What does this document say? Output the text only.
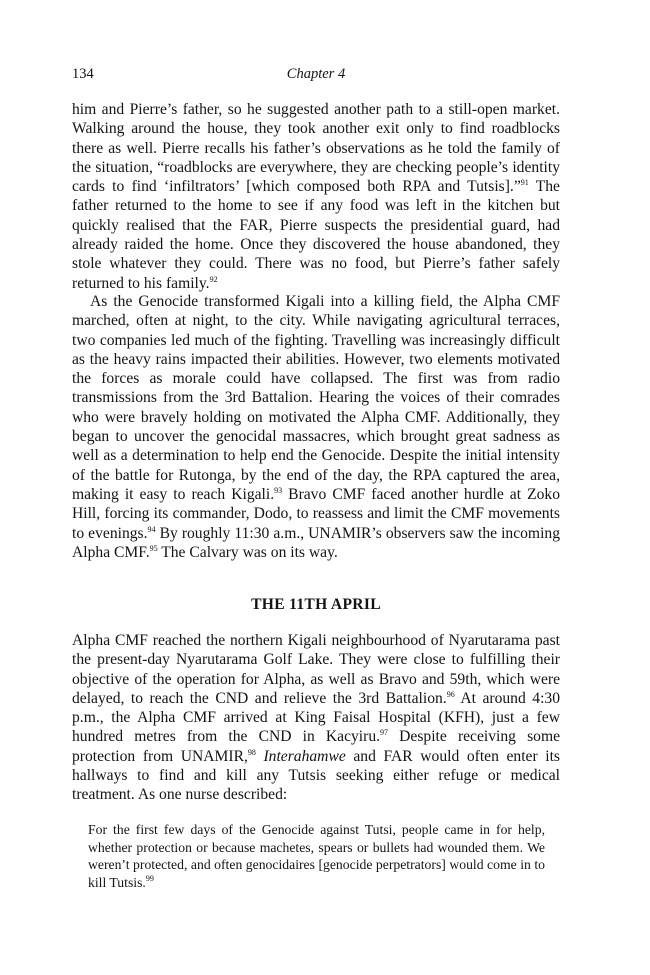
134	Chapter 4

him and Pierre’s father, so he suggested another path to a still-open market. Walking around the house, they took another exit only to find roadblocks there as well. Pierre recalls his father’s observations as he told the family of the situation, “roadblocks are everywhere, they are checking people’s identity cards to find ‘infiltrators’ [which composed both RPA and Tutsis].”$^{91}$ The father returned to the home to see if any food was left in the kitchen but quickly realised that the FAR, Pierre suspects the presidential guard, had already raided the home. Once they discovered the house abandoned, they stole whatever they could. There was no food, but Pierre’s father safely returned to his family.$^{92}$

As the Genocide transformed Kigali into a killing field, the Alpha CMF marched, often at night, to the city. While navigating agricultural terraces, two companies led much of the fighting. Travelling was increasingly difficult as the heavy rains impacted their abilities. However, two elements motivated the forces as morale could have collapsed. The first was from radio transmissions from the 3rd Battalion. Hearing the voices of their comrades who were bravely holding on motivated the Alpha CMF. Additionally, they began to uncover the genocidal massacres, which brought great sadness as well as a determination to help end the Genocide. Despite the initial intensity of the battle for Rutonga, by the end of the day, the RPA captured the area, making it easy to reach Kigali.$^{93}$ Bravo CMF faced another hurdle at Zoko Hill, forcing its commander, Dodo, to reassess and limit the CMF movements to evenings.$^{94}$ By roughly 11:30 a.m., UNAMIR’s observers saw the incoming Alpha CMF.$^{95}$ The Calvary was on its way.

THE 11TH APRIL

Alpha CMF reached the northern Kigali neighbourhood of Nyarutarama past the present-day Nyarutarama Golf Lake. They were close to fulfilling their objective of the operation for Alpha, as well as Bravo and 59th, which were delayed, to reach the CND and relieve the 3rd Battalion.$^{96}$ At around 4:30 p.m., the Alpha CMF arrived at King Faisal Hospital (KFH), just a few hundred metres from the CND in Kacyiru.$^{97}$ Despite receiving some protection from UNAMIR,$^{98}$ Interahamwe and FAR would often enter its hallways to find and kill any Tutsis seeking either refuge or medical treatment. As one nurse described:

For the first few days of the Genocide against Tutsi, people came in for help, whether protection or because machetes, spears or bullets had wounded them. We weren’t protected, and often genocidaires [genocide perpetrators] would come in to kill Tutsis.$^{99}$
